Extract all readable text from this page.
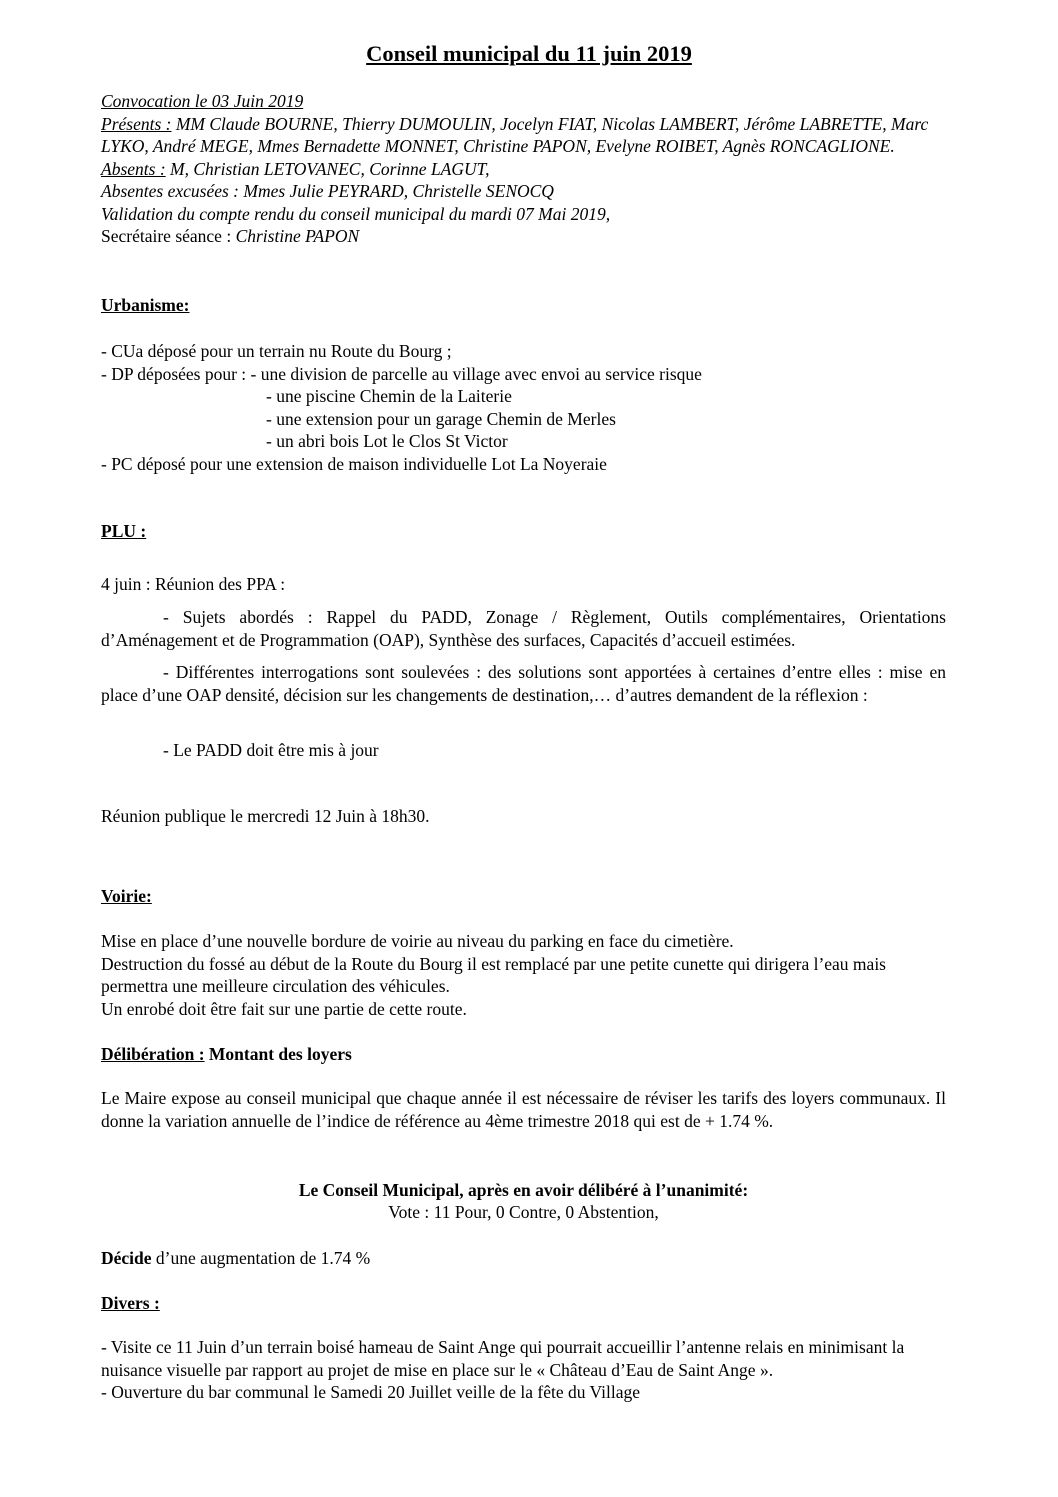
Conseil municipal du 11 juin 2019

Convocation le 03 Juin 2019

Présents : MM Claude BOURNE, Thierry DUMOULIN, Jocelyn FIAT, Nicolas LAMBERT, Jérôme LABRETTE, Marc LYKO, André MEGE, Mmes Bernadette MONNET, Christine PAPON, Evelyne ROIBET, Agnès RONCAGLIONE.

Absents : M, Christian LETOVANEC, Corinne LAGUT,

Absentes excusées : Mmes Julie PEYRARD, Christelle SENOCQ

Validation du compte rendu du conseil municipal du mardi 07 Mai 2019,

Secrétaire séance : Christine PAPON

Urbanisme:

- CUa déposé pour un terrain nu Route du Bourg ;

- DP déposées pour : - une division de parcelle au village avec envoi au service risque

- une piscine Chemin de la Laiterie

- une extension pour un garage Chemin de Merles

- un abri bois Lot le Clos St Victor

- PC déposé pour une extension de maison individuelle Lot La Noyeraie

PLU :
4 juin : Réunion des PPA :
- Sujets abordés : Rappel du PADD, Zonage / Règlement, Outils complémentaires, Orientations d’Aménagement et de Programmation (OAP), Synthèse des surfaces, Capacités d’accueil estimées.
- Différentes interrogations sont soulevées : des solutions sont apportées à certaines d’entre elles : mise en place d’une OAP densité, décision sur les changements de destination,… d’autres demandent de la réflexion :
- Le PADD doit être mis à jour
Réunion publique le mercredi 12 Juin à 18h30.
Voirie:

Mise en place d’une nouvelle bordure de voirie au niveau du parking en face du cimetière.

Destruction du fossé au début de la Route du Bourg il est remplacé par une petite cunette qui dirigera l’eau mais permettra une meilleure circulation des véhicules.

Un enrobé doit être fait sur une partie de cette route.

Délibération : Montant des loyers
Le Maire expose au conseil municipal que chaque année il est nécessaire de réviser les tarifs des loyers communaux. Il donne la variation annuelle de l’indice de référence au 4ème trimestre 2018 qui est de + 1.74 %.
Le Conseil Municipal, après en avoir délibéré à l’unanimité:
Vote : 11 Pour, 0 Contre, 0 Abstention,
Décide d’une augmentation de 1.74 %
Divers :

- Visite ce 11 Juin d’un terrain boisé hameau de Saint Ange qui pourrait accueillir l’antenne relais en minimisant la nuisance visuelle par rapport au projet de mise en place sur le « Château d’Eau de Saint Ange ».

- Ouverture du bar communal le Samedi 20 Juillet veille de la fête du Village
